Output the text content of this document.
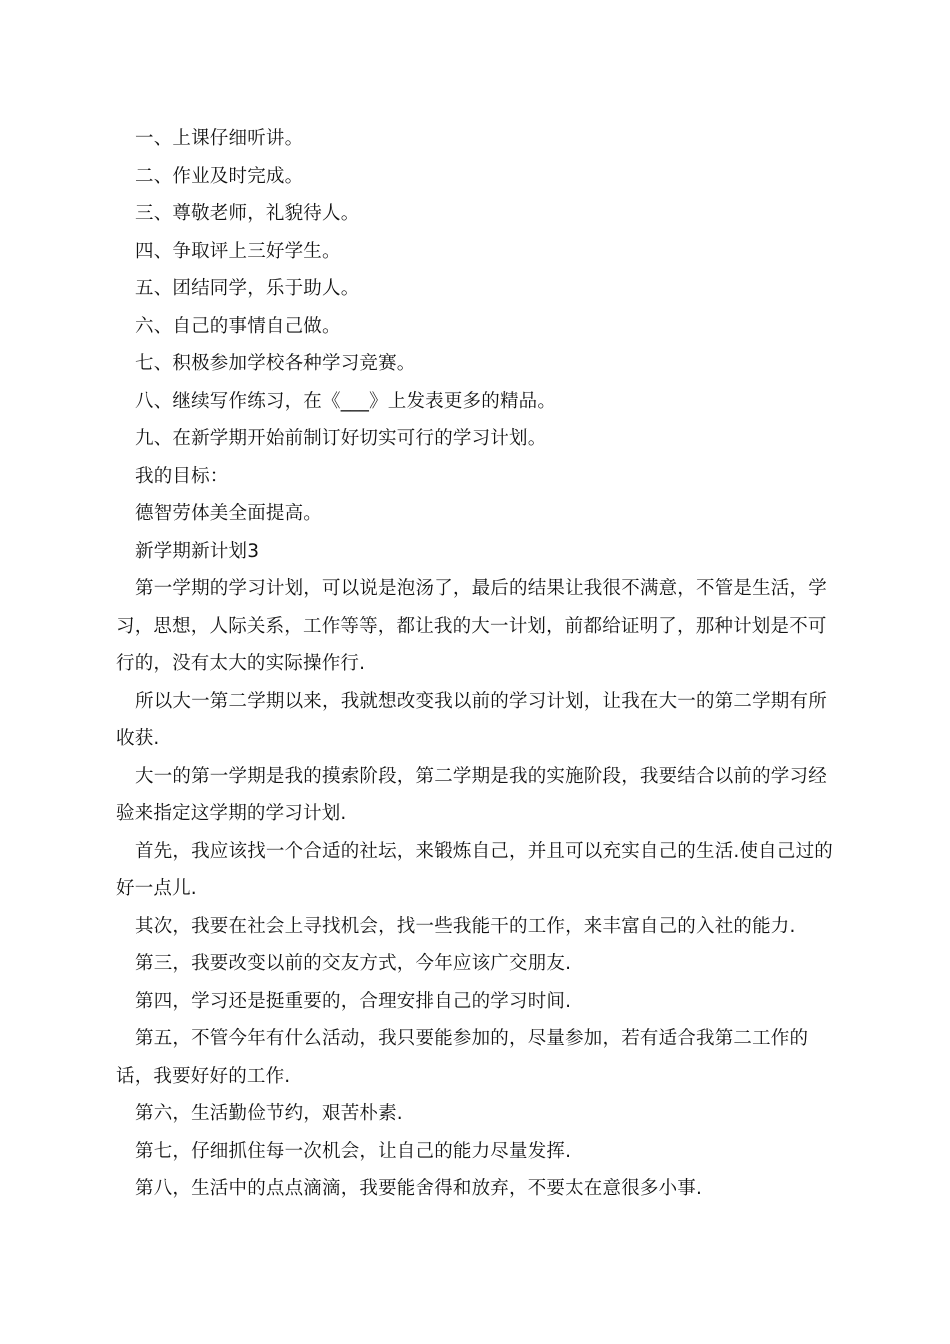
一、上课仔细听讲。

二、作业及时完成。

三、尊敬老师，礼貌待人。

四、争取评上三好学生。

五、团结同学，乐于助人。

六、自己的事情自己做。

七、积极参加学校各种学习竞赛。

八、继续写作练习，在《___》上发表更多的精品。

九、在新学期开始前制订好切实可行的学习计划。

我的目标：

德智劳体美全面提高。

新学期新计划3

第一学期的学习计划，可以说是泡汤了，最后的结果让我很不满意，不管是生活，学习，思想，人际关系，工作等等，都让我的大一计划，前都给证明了，那种计划是不可行的，没有太大的实际操作行.

所以大一第二学期以来，我就想改变我以前的学习计划，让我在大一的第二学期有所收获.

大一的第一学期是我的摸索阶段，第二学期是我的实施阶段，我要结合以前的学习经验来指定这学期的学习计划.

首先，我应该找一个合适的社坛，来锻炼自己，并且可以充实自己的生活.使自己过的好一点儿.

其次，我要在社会上寻找机会，找一些我能干的工作，来丰富自己的入社的能力.

第三，我要改变以前的交友方式，今年应该广交朋友.

第四，学习还是挺重要的，合理安排自己的学习时间.

第五，不管今年有什么活动，我只要能参加的，尽量参加，若有适合我第二工作的话，我要好好的工作.

第六，生活勤俭节约，艰苦朴素.

第七，仔细抓住每一次机会，让自己的能力尽量发挥.

第八，生活中的点点滴滴，我要能舍得和放弃，不要太在意很多小事.
